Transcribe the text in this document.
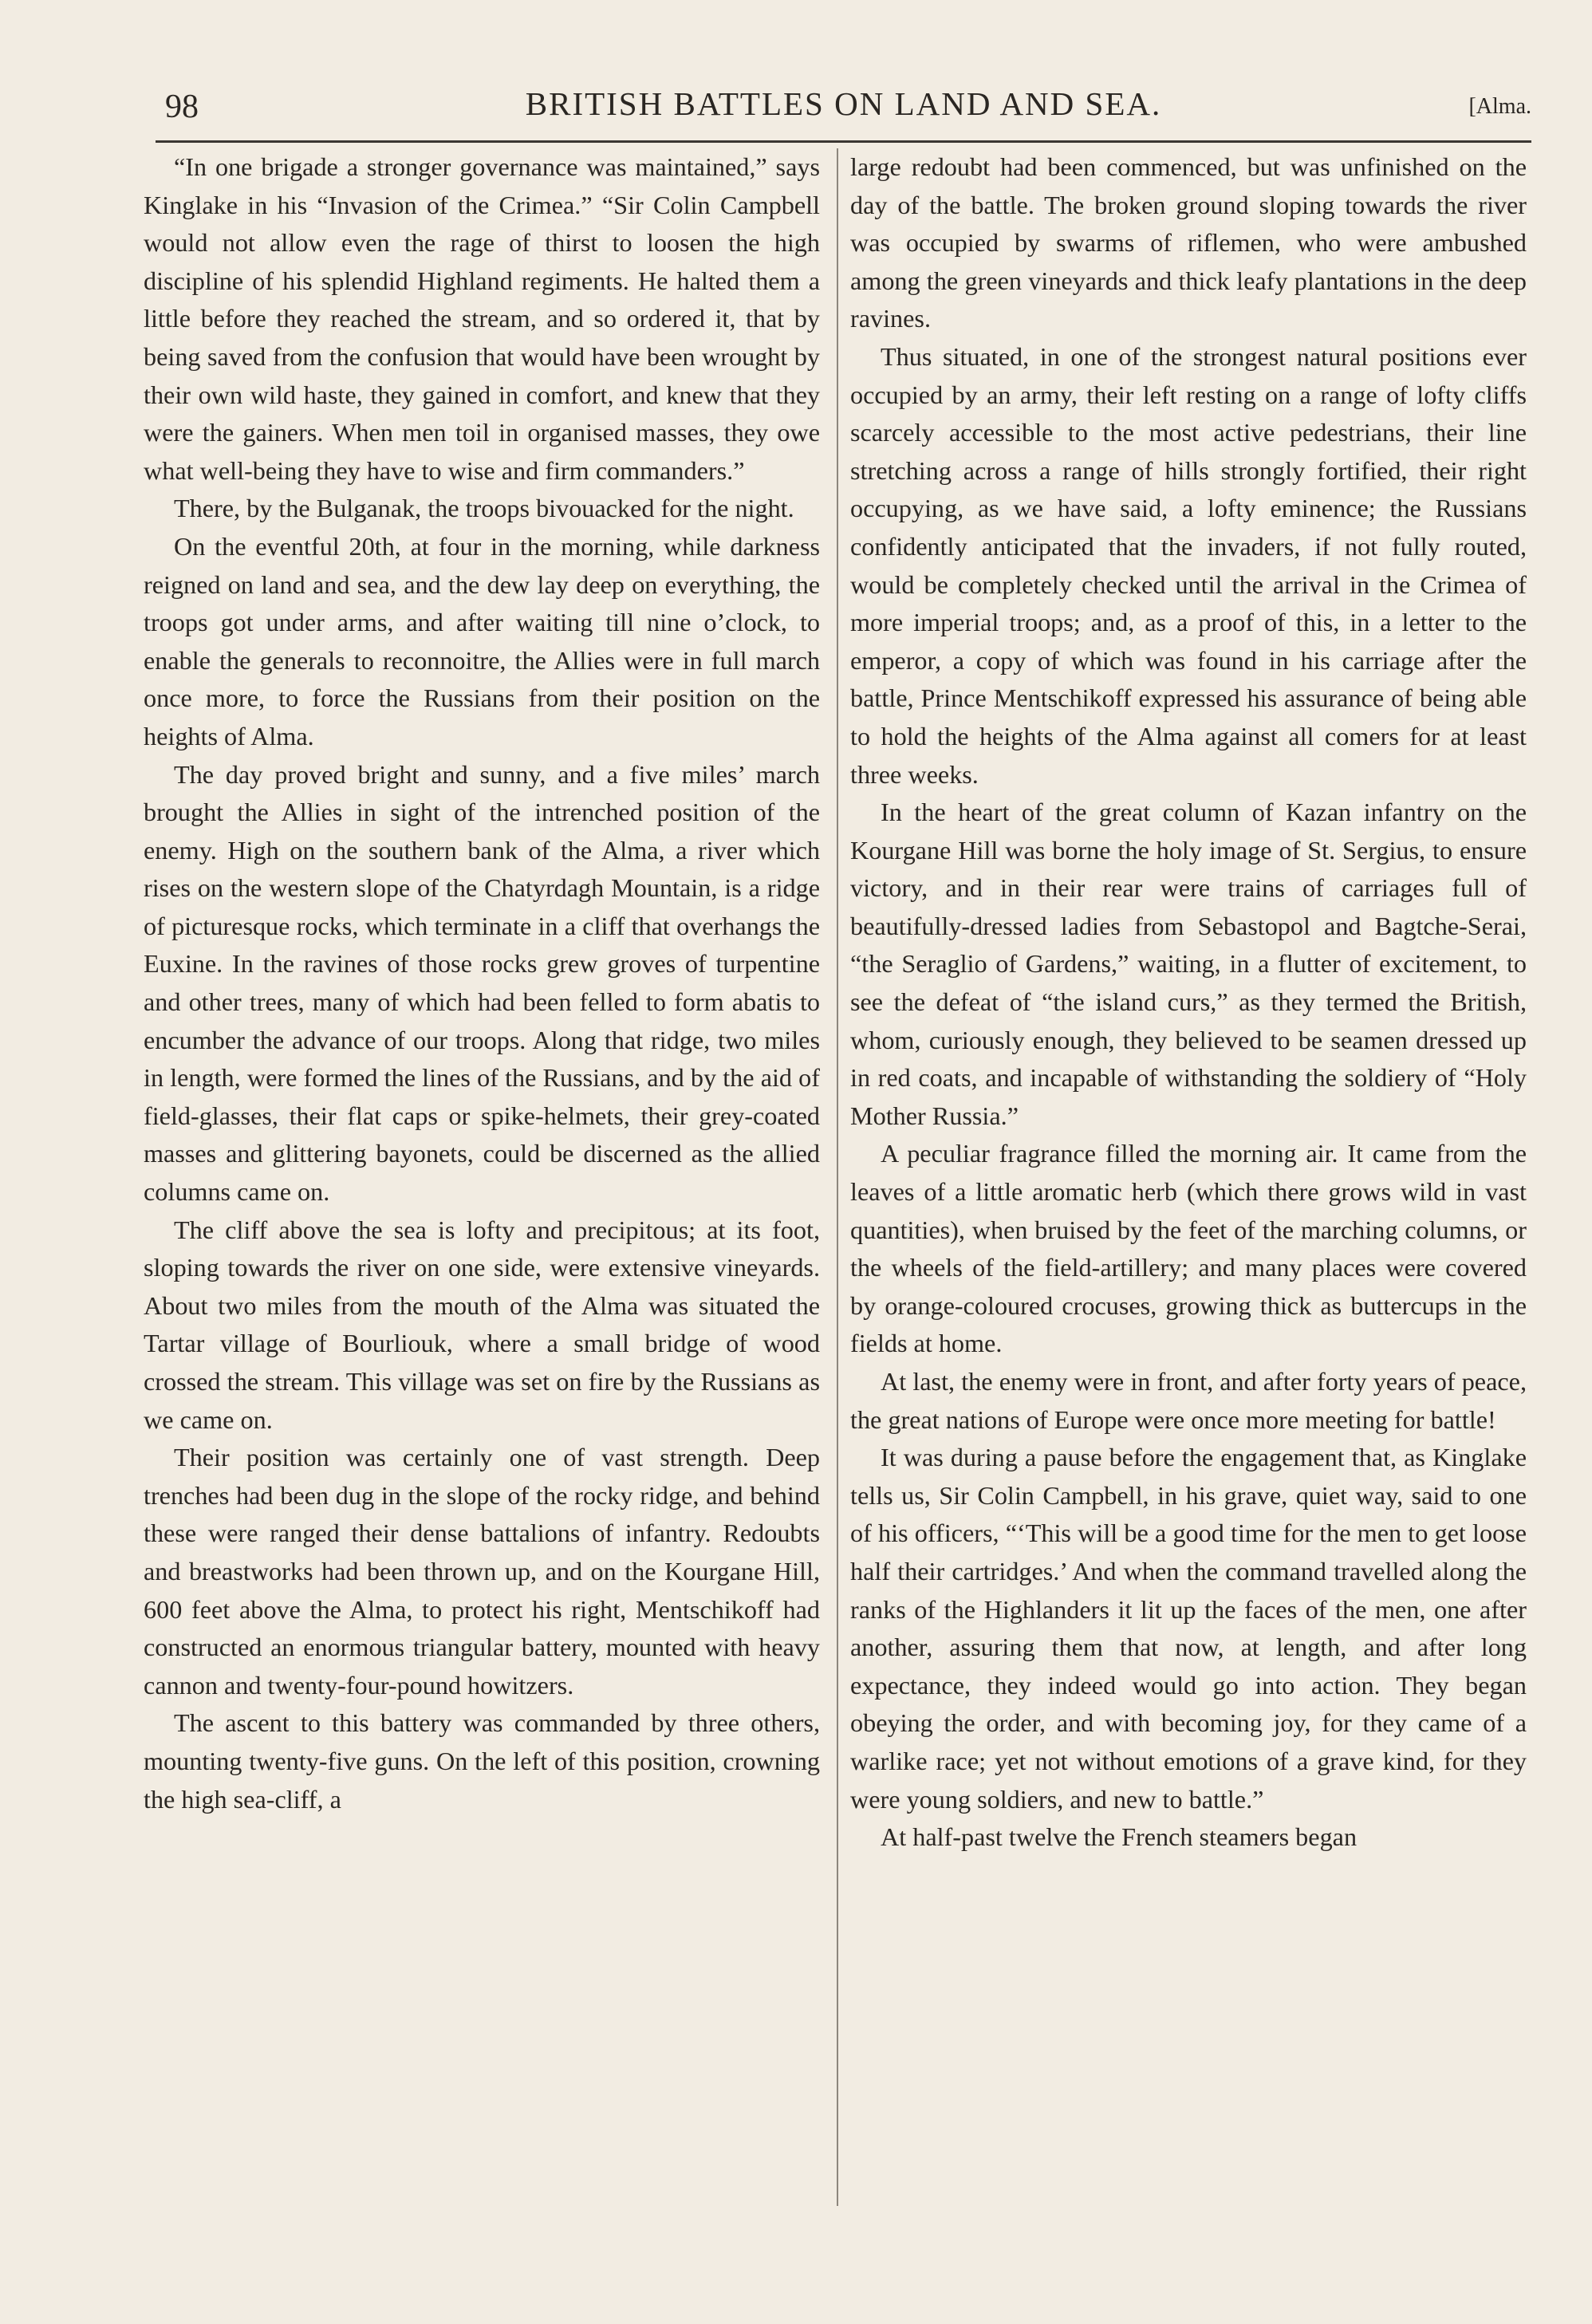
98	BRITISH BATTLES ON LAND AND SEA.	[Alma.

“In one brigade a stronger governance was maintained,” says Kinglake in his “Invasion of the Crimea.” “Sir Colin Campbell would not allow even the rage of thirst to loosen the high discipline of his splendid Highland regiments. He halted them a little before they reached the stream, and so ordered it, that by being saved from the confusion that would have been wrought by their own wild haste, they gained in comfort, and knew that they were the gainers. When men toil in organised masses, they owe what well-being they have to wise and firm commanders.”

There, by the Bulganak, the troops bivouacked for the night.

On the eventful 20th, at four in the morning, while darkness reigned on land and sea, and the dew lay deep on everything, the troops got under arms, and after waiting till nine o’clock, to enable the generals to reconnoitre, the Allies were in full march once more, to force the Russians from their position on the heights of Alma.

The day proved bright and sunny, and a five miles’ march brought the Allies in sight of the intrenched position of the enemy. High on the southern bank of the Alma, a river which rises on the western slope of the Chatyrdagh Mountain, is a ridge of picturesque rocks, which terminate in a cliff that overhangs the Euxine. In the ravines of those rocks grew groves of turpentine and other trees, many of which had been felled to form abatis to encumber the advance of our troops. Along that ridge, two miles in length, were formed the lines of the Russians, and by the aid of field-glasses, their flat caps or spike-helmets, their grey-coated masses and glittering bayonets, could be discerned as the allied columns came on.

The cliff above the sea is lofty and precipitous; at its foot, sloping towards the river on one side, were extensive vineyards. About two miles from the mouth of the Alma was situated the Tartar village of Bourliouk, where a small bridge of wood crossed the stream. This village was set on fire by the Russians as we came on.

Their position was certainly one of vast strength. Deep trenches had been dug in the slope of the rocky ridge, and behind these were ranged their dense battalions of infantry. Redoubts and breastworks had been thrown up, and on the Kourgane Hill, 600 feet above the Alma, to protect his right, Mentschikoff had constructed an enormous triangular battery, mounted with heavy cannon and twenty-four-pound howitzers.

The ascent to this battery was commanded by three others, mounting twenty-five guns. On the left of this position, crowning the high sea-cliff, a

large redoubt had been commenced, but was unfinished on the day of the battle. The broken ground sloping towards the river was occupied by swarms of riflemen, who were ambushed among the green vineyards and thick leafy plantations in the deep ravines.

Thus situated, in one of the strongest natural positions ever occupied by an army, their left resting on a range of lofty cliffs scarcely accessible to the most active pedestrians, their line stretching across a range of hills strongly fortified, their right occupying, as we have said, a lofty eminence; the Russians confidently anticipated that the invaders, if not fully routed, would be completely checked until the arrival in the Crimea of more imperial troops; and, as a proof of this, in a letter to the emperor, a copy of which was found in his carriage after the battle, Prince Mentschikoff expressed his assurance of being able to hold the heights of the Alma against all comers for at least three weeks.

In the heart of the great column of Kazan infantry on the Kourgane Hill was borne the holy image of St. Sergius, to ensure victory, and in their rear were trains of carriages full of beautifully-dressed ladies from Sebastopol and Bagtche-Serai, “the Seraglio of Gardens,” waiting, in a flutter of excitement, to see the defeat of “the island curs,” as they termed the British, whom, curiously enough, they believed to be seamen dressed up in red coats, and incapable of withstanding the soldiery of “Holy Mother Russia.”

A peculiar fragrance filled the morning air. It came from the leaves of a little aromatic herb (which there grows wild in vast quantities), when bruised by the feet of the marching columns, or the wheels of the field-artillery; and many places were covered by orange-coloured crocuses, growing thick as buttercups in the fields at home.

At last, the enemy were in front, and after forty years of peace, the great nations of Europe were once more meeting for battle!

It was during a pause before the engagement that, as Kinglake tells us, Sir Colin Campbell, in his grave, quiet way, said to one of his officers, “‘This will be a good time for the men to get loose half their cartridges.’ And when the command travelled along the ranks of the Highlanders it lit up the faces of the men, one after another, assuring them that now, at length, and after long expectance, they indeed would go into action. They began obeying the order, and with becoming joy, for they came of a warlike race; yet not without emotions of a grave kind, for they were young soldiers, and new to battle.”

At half-past twelve the French steamers began
